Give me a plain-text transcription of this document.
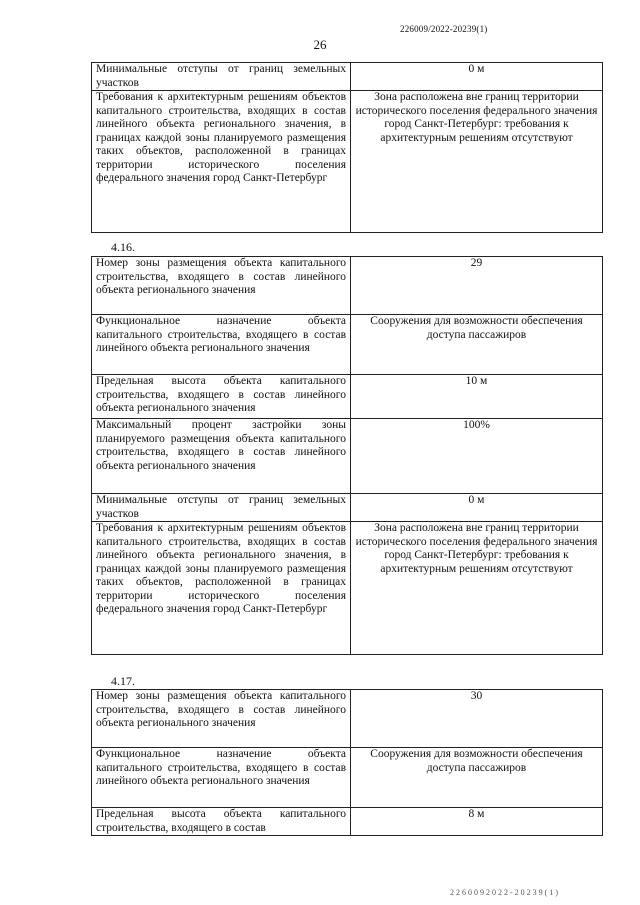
226009/2022-20239(1)
26
Минимальные отступы от границ земельных участков	0 м
Требования к архитектурным решениям объектов капитального строительства, входящих в состав линейного объекта регионального значения, в границах каждой зоны планируемого размещения таких объектов, расположенной в границах территории исторического поселения федерального значения город Санкт-Петербург	Зона расположена вне границ территории исторического поселения федерального значения город Санкт-Петербург: требования к архитектурным решениям отсутствуют
4.16.
Номер зоны размещения объекта капитального строительства, входящего в состав линейного объекта регионального значения	29
Функциональное назначение объекта капитального строительства, входящего в состав линейного объекта регионального значения	Сооружения для возможности обеспечения доступа пассажиров
Предельная высота объекта капитального строительства, входящего в состав линейного объекта регионального значения	10 м
Максимальный процент застройки зоны планируемого размещения объекта капитального строительства, входящего в состав линейного объекта регионального значения	100%
Минимальные отступы от границ земельных участков	0 м
Требования к архитектурным решениям объектов капитального строительства, входящих в состав линейного объекта регионального значения, в границах каждой зоны планируемого размещения таких объектов, расположенной в границах территории исторического поселения федерального значения город Санкт-Петербург	Зона расположена вне границ территории исторического поселения федерального значения город Санкт-Петербург: требования к архитектурным решениям отсутствуют
4.17.
Номер зоны размещения объекта капитального строительства, входящего в состав линейного объекта регионального значения	30
Функциональное назначение объекта капитального строительства, входящего в состав линейного объекта регионального значения	Сооружения для возможности обеспечения доступа пассажиров
Предельная высота объекта капитального строительства, входящего в состав	8 м
2260092022-20239(1)
